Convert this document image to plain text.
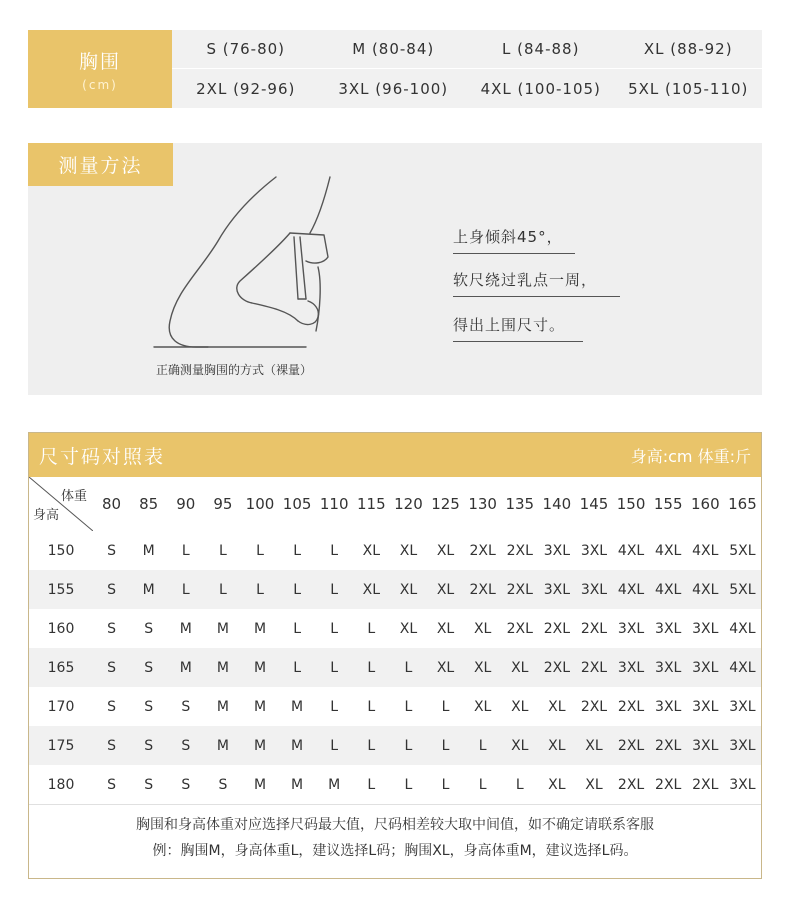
胸围
(cm)
S (76-80)	M (80-84)	L (84-88)	XL (88-92)
2XL (92-96)	3XL (96-100)	4XL (100-105)	5XL (105-110)
测量方法
正确测量胸围的方式（裸量）
上身倾斜45°，
软尺绕过乳点一周，
得出上围尺寸。
尺寸码对照表	身高:cm 体重:斤
体重
身高	80	85	90	95	100	105	110	115	120	125	130	135	140	145	150	155	160	165
150	S	M	L	L	L	L	L	XL	XL	XL	2XL	2XL	3XL	3XL	4XL	4XL	4XL	5XL
155	S	M	L	L	L	L	L	XL	XL	XL	2XL	2XL	3XL	3XL	4XL	4XL	4XL	5XL
160	S	S	M	M	M	L	L	L	XL	XL	XL	2XL	2XL	2XL	3XL	3XL	3XL	4XL
165	S	S	M	M	M	L	L	L	L	XL	XL	XL	2XL	2XL	3XL	3XL	3XL	4XL
170	S	S	S	M	M	M	L	L	L	L	XL	XL	XL	2XL	2XL	3XL	3XL	3XL
175	S	S	S	M	M	M	L	L	L	L	L	XL	XL	XL	2XL	2XL	3XL	3XL
180	S	S	S	S	M	M	M	L	L	L	L	L	XL	XL	2XL	2XL	2XL	3XL
胸围和身高体重对应选择尺码最大值，尺码相差较大取中间值，如不确定请联系客服
例：胸围M，身高体重L，建议选择L码；胸围XL，身高体重M，建议选择L码。
